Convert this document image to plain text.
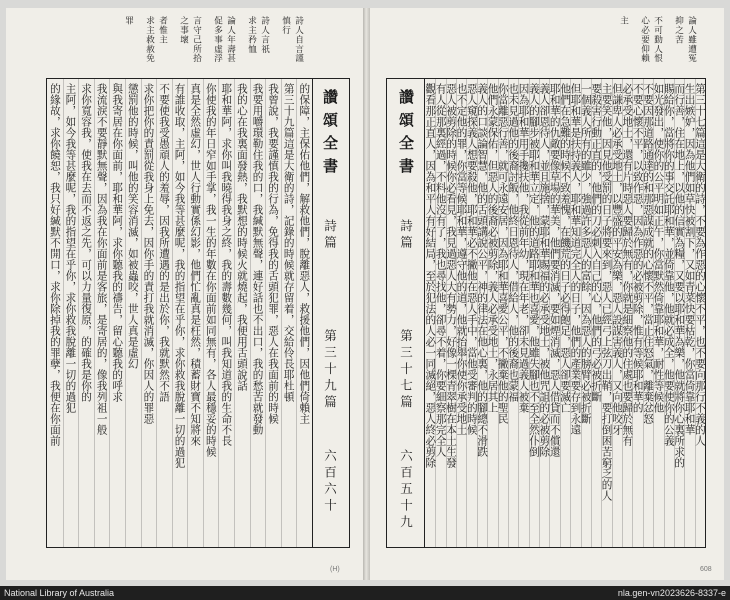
的保障，主保佑他們，解救他們，脫離惡人，救援他們，因他們倚賴主
第三十九篇這是大衛的詩，記錄的時候就存留着，交給伶長耶杜頓
我曾說，我要謹慎我的行為，免得我的舌頭犯罪，惡人在我面前的時候
我要用嚼環勒住我的口，我緘默無聲，連好話也不出口，我的愁苦就發動
我的心在我裏面發熱，我默想的時候火就燒起，我便用舌頭說話
耶和華阿，求你叫我曉得我身之終，我的壽數幾何，叫我知道我的生命不長
你使我的年日窄如手掌，我一生的年數在你面前如同無有，各人最穩妥的時候
真是全然虛幻，世人行動實係幻影，他們忙亂真是枉然，積蓄財寶不知將來
有誰收取，主阿，如今我等甚麼呢，我的指望在乎你，求你救我脫離一切的過犯
不要使我受愚頑人的羞辱，因我所遭遇的是出於你，我就默然不語
求你把你的責罰從我身上免去，因你手的責打我就消滅，你因人的罪惡
懲罰他的時候，叫他的笑容消滅，如被蟲咬，世人真是虛幻
與我寄居在你面前，耶和華阿，求你聽我的禱告，留心聽我的呼求
我流淚不要靜默無聲，因為我在你面前是客旅，是寄居的，像我列祖一般
求你寬容我，使我在去而不返之先，可以力量復原，的確我是你的
主阿，如今我等甚麼呢，我的指望在乎你，求你救我脫離一切的過犯
的緣故，求你饒恕，我只好緘默不開口，求你除掉我的罪孽，我便在你面前	讚頌全書
詩篇
第三十九篇
六百六十
詩人自言謹
慎行
詩人言祇
求主矜恤
論人年壽甚
促多事虛浮
言守己所拾
之事壞
者惟主
求主救赦免
罪
讚頌全書
詩篇
第三十七篇
六百五十九
第三十七篇這是大衛的詩，不要為作惡的心懷不平，也不要向那行不義的人
生出嫉妒，因為他們如草快被割下，又如青菜快要枯乾，你當倚靠耶和華
而行善，住在地上，以他的信實為糧，又要以耶和華為樂，他就將你心裏所求的
賜給你，當將你的事交託耶和華，並倚靠他，他就必成全，他要使你的公義
如光發出，使你的公平明如正午，你當默然倚靠耶和華，耐性等候他
不要因那道路通達的和那惡謀成就的心懷不平，當止住怒氣，離棄忿怒
不要心懷不平，以致作惡，因為作惡的必被剪除，惟有等候耶和華的
必承受地土，還有片時惡人要歸於無有，你就是細察他的住處也要歸於無有
但謙卑人必承受地土，以豐盛的平安為樂，惡人設謀害義人，又向他咬牙
主要笑他，因見他受罰的日子將要來到，惡人已經弓上弦刀出鞘，要打倒困苦窮乏的人
要殺害行動正直的，他們的刀必刺入自己的心，他們的弓必被折斷
一個義人所有的雖少，強過許多惡人的富餘，因為惡人的膀臂必被折斷
但耶和華是扶持義人，耶和華知道完全人的日子，他們的產業要存到永遠
他們在急難的時候不致羞愧，在饑荒的日子必得飽足，惡人卻要滅亡
耶和華的仇敵要像草場的華美，他們要消滅，要如煙消滅，惡人借貸而不償還
義人卻恩待人，並且施捨，蒙耶和華賜福的必承受地土，被他咒詛的必被剪除
義人的腳步被耶和華立定，他的道路耶和華也喜愛，他雖失腳也不至全然仆倒
因為耶和華用手攙扶他，我從前年幼，現在年老，卻未見過義人被棄
也未見過他的後裔討飯，他終日恩待人，借給人，他的後裔也蒙福
你當離惡行善，就可永遠安居，因為耶和華喜愛公平，不撇棄他的聖民
他們永蒙保佑，但惡人的後裔必被剪除，義人必承受地土，永居其上
義人的口談論智慧，他的舌頭講說公平，神的律法在他心裏，他的腳總不滑跌
惡人窺探義人想要殺他，耶和華必不撇他在惡人手中，當他受審判的時候
也不定他的罪，你當等候耶和華，遵守他的道，他就抬舉你使你承受地土
惡人被剪除的時候你必看見，我見過惡人大有勢力，好像一棵青翠樹在本土生發
有人從那裏經過，不料他沒有了，我也尋找他，卻尋不着，你要細察那完全人
觀看那正直人，因為和平人有好結局，至於犯法的人必一同滅絕，惡人終必剪除
論人雖遭冤
抑之苦
不可動人恨
心必要仰賴
主
(H)	608
National Library of Australia	nla.gen-vn2023626-8337-e
